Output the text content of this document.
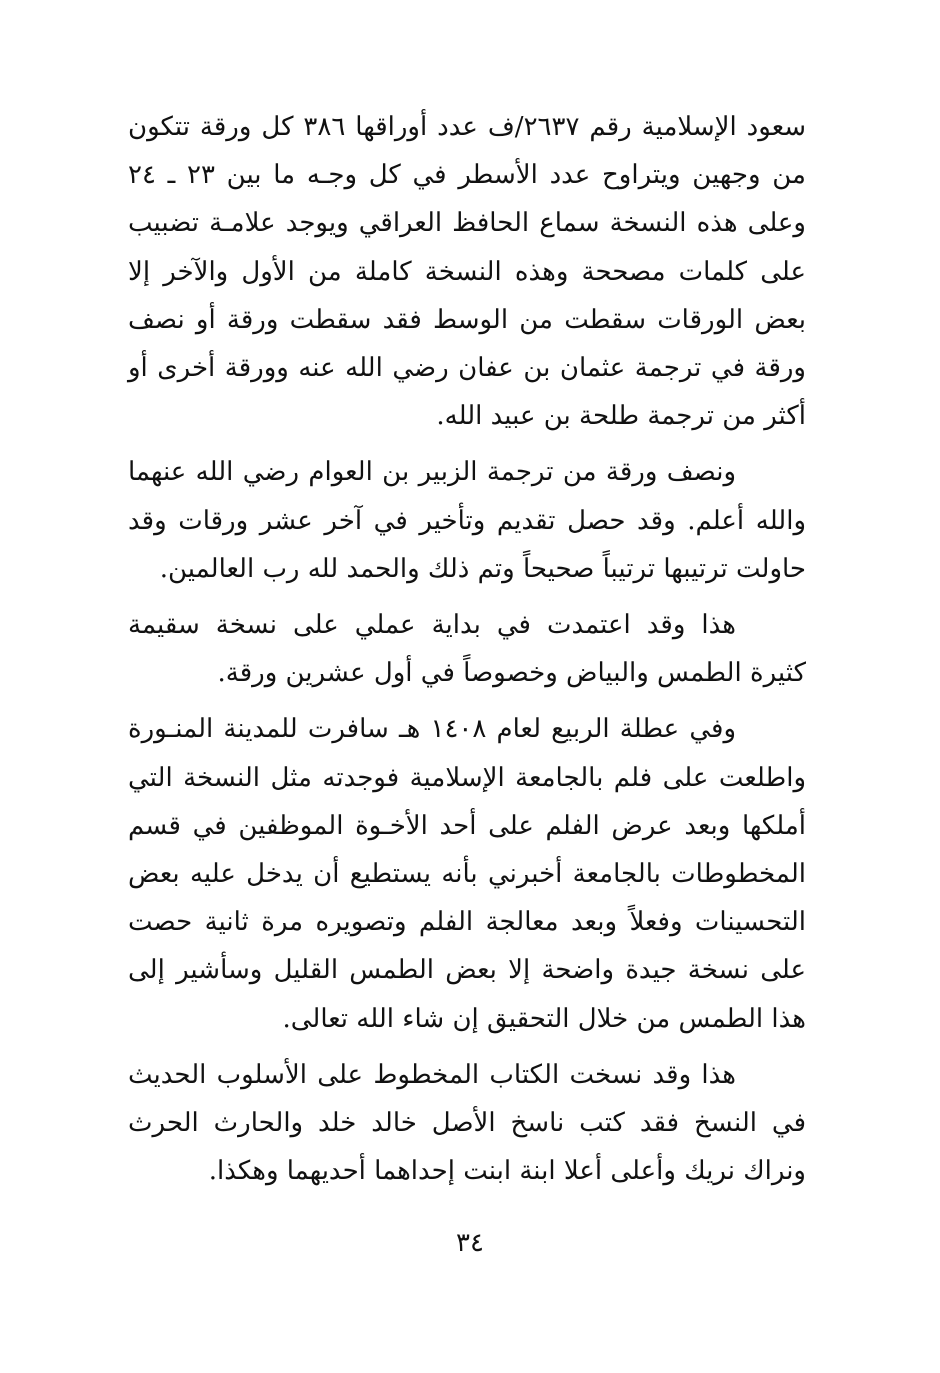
سعود الإسلامية رقم ٢٦٣٧/ف عدد أوراقها ٣٨٦ كل ورقة تتكون من وجهين ويتراوح عدد الأسطر في كل وجـه ما بين ٢٣ ـ ٢٤ وعلى هذه النسخة سماع الحافظ العراقي ويوجد علامـة تضبيب على كلمات مصححة وهذه النسخة كاملة من الأول والآخر إلا بعض الورقات سقطت من الوسط فقد سقطت ورقة أو نصف ورقة في ترجمة عثمان بن عفان رضي الله عنه وورقة أخرى أو أكثر من ترجمة طلحة بن عبيد الله.

ونصف ورقة من ترجمة الزبير بن العوام رضي الله عنهما والله أعلم. وقد حصل تقديم وتأخير في آخر عشر ورقات وقد حاولت ترتيبها ترتيباً صحيحاً وتم ذلك والحمد لله رب العالمين.

هذا وقد اعتمدت في بداية عملي على نسخة سقيمة كثيرة الطمس والبياض وخصوصاً في أول عشرين ورقة.

وفي عطلة الربيع لعام ١٤٠٨ هـ سافرت للمدينة المنـورة واطلعت على فلم بالجامعة الإسلامية فوجدته مثل النسخة التي أملكها وبعد عرض الفلم على أحد الأخـوة الموظفين في قسم المخطوطات بالجامعة أخبرني بأنه يستطيع أن يدخل عليه بعض التحسينات وفعلاً وبعد معالجة الفلم وتصويره مرة ثانية حصت على نسخة جيدة واضحة إلا بعض الطمس القليل وسأشير إلى هذا الطمس من خلال التحقيق إن شاء الله تعالى.

هذا وقد نسخت الكتاب المخطوط على الأسلوب الحديث في النسخ فقد كتب ناسخ الأصل خالد خلد والحارث الحرث ونراك نريك وأعلى أعلا ابنة ابنت إحداهما أحديهما وهكذا.

٣٤
